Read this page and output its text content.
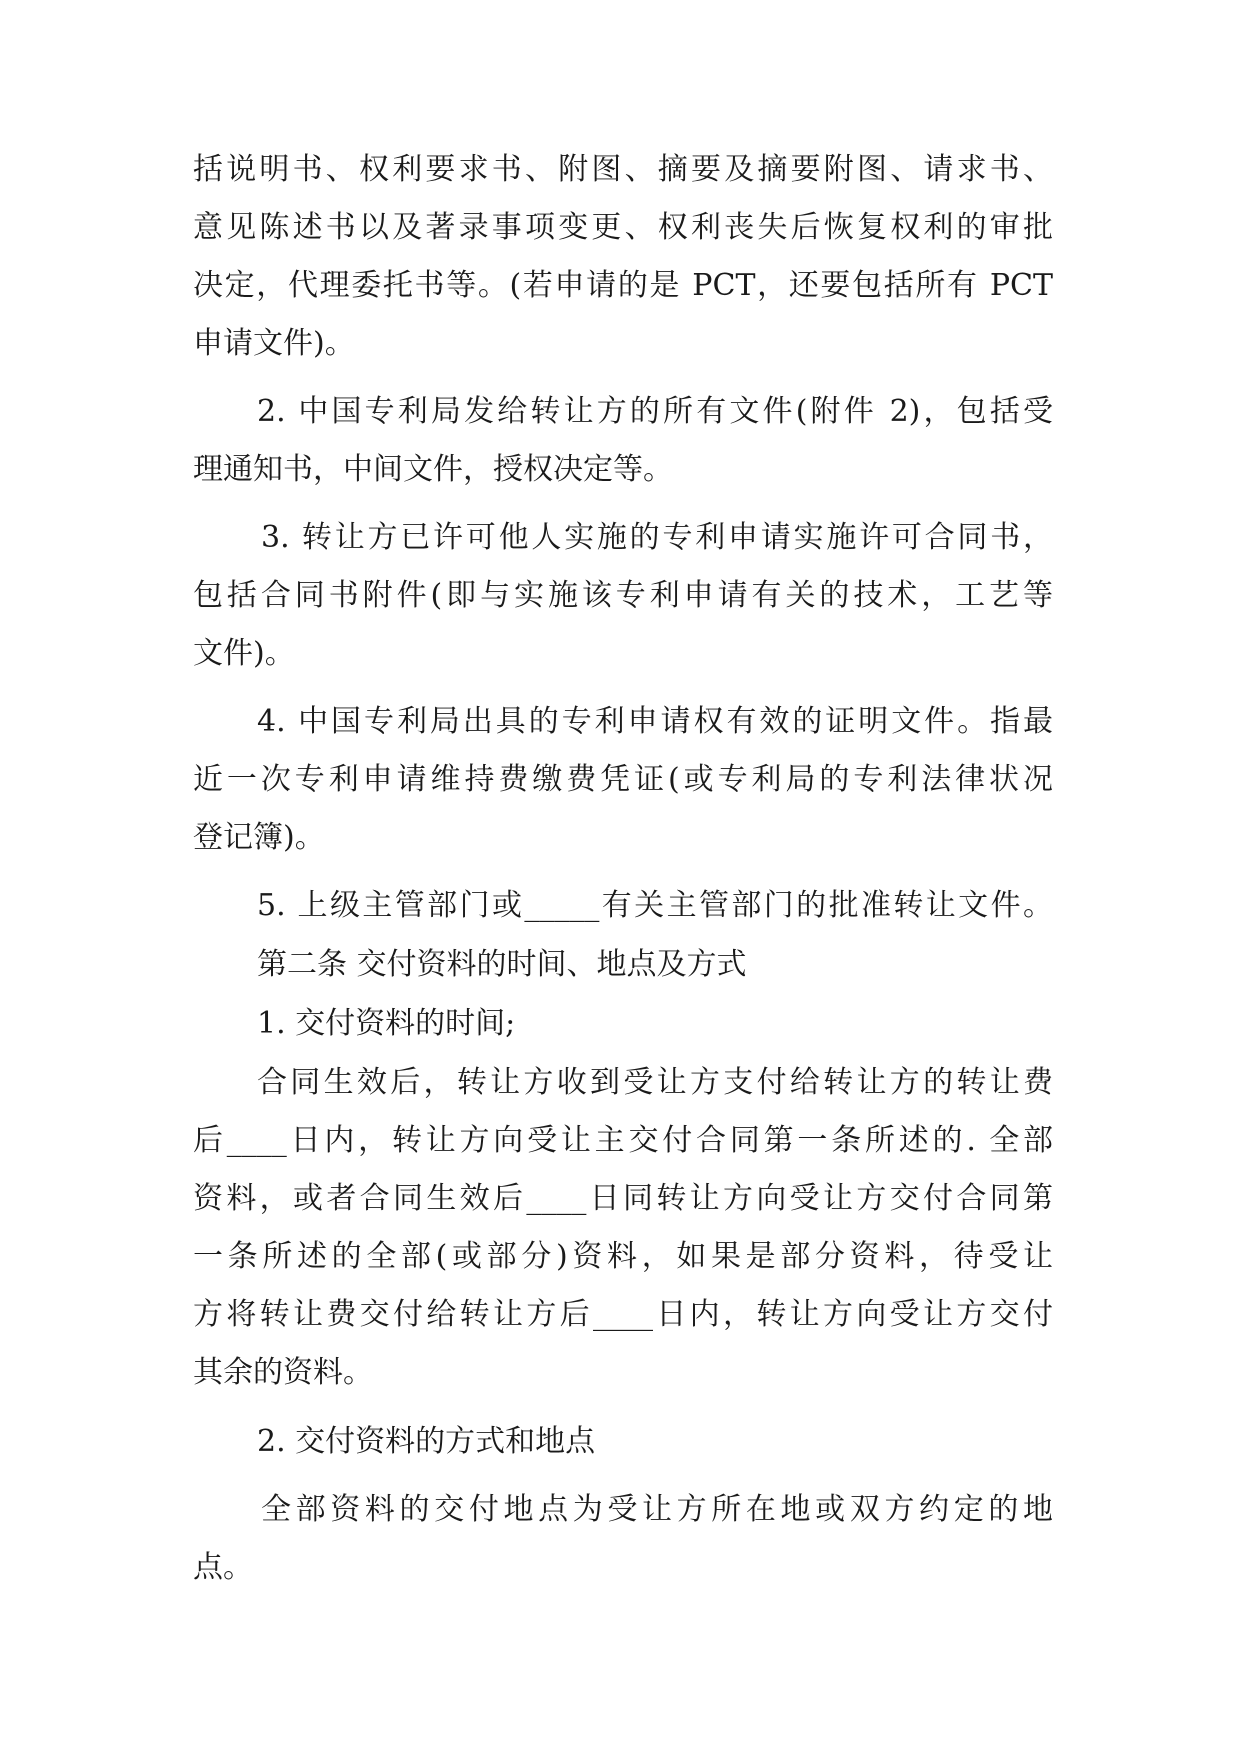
括说明书、权利要求书、附图、摘要及摘要附图、请求书、

意见陈述书以及著录事项变更、权利丧失后恢复权利的审批

决定，代理委托书等。(若申请的是 PCT，还要包括所有 PCT

申请文件)。

2. 中国专利局发给转让方的所有文件(附件 2)，包括受

理通知书，中间文件，授权决定等。

3. 转让方已许可他人实施的专利申请实施许可合同书，

包括合同书附件(即与实施该专利申请有关的技术，工艺等

文件)。

4. 中国专利局出具的专利申请权有效的证明文件。指最

近一次专利申请维持费缴费凭证(或专利局的专利法律状况

登记簿)。

5. 上级主管部门或_____有关主管部门的批准转让文件。

第二条 交付资料的时间、地点及方式

1. 交付资料的时间;

合同生效后，转让方收到受让方支付给转让方的转让费

后____日内，转让方向受让主交付合同第一条所述的. 全部

资料，或者合同生效后____日同转让方向受让方交付合同第

一条所述的全部(或部分)资料，如果是部分资料，待受让

方将转让费交付给转让方后____日内，转让方向受让方交付

其余的资料。

2. 交付资料的方式和地点

全部资料的交付地点为受让方所在地或双方约定的地

点。
